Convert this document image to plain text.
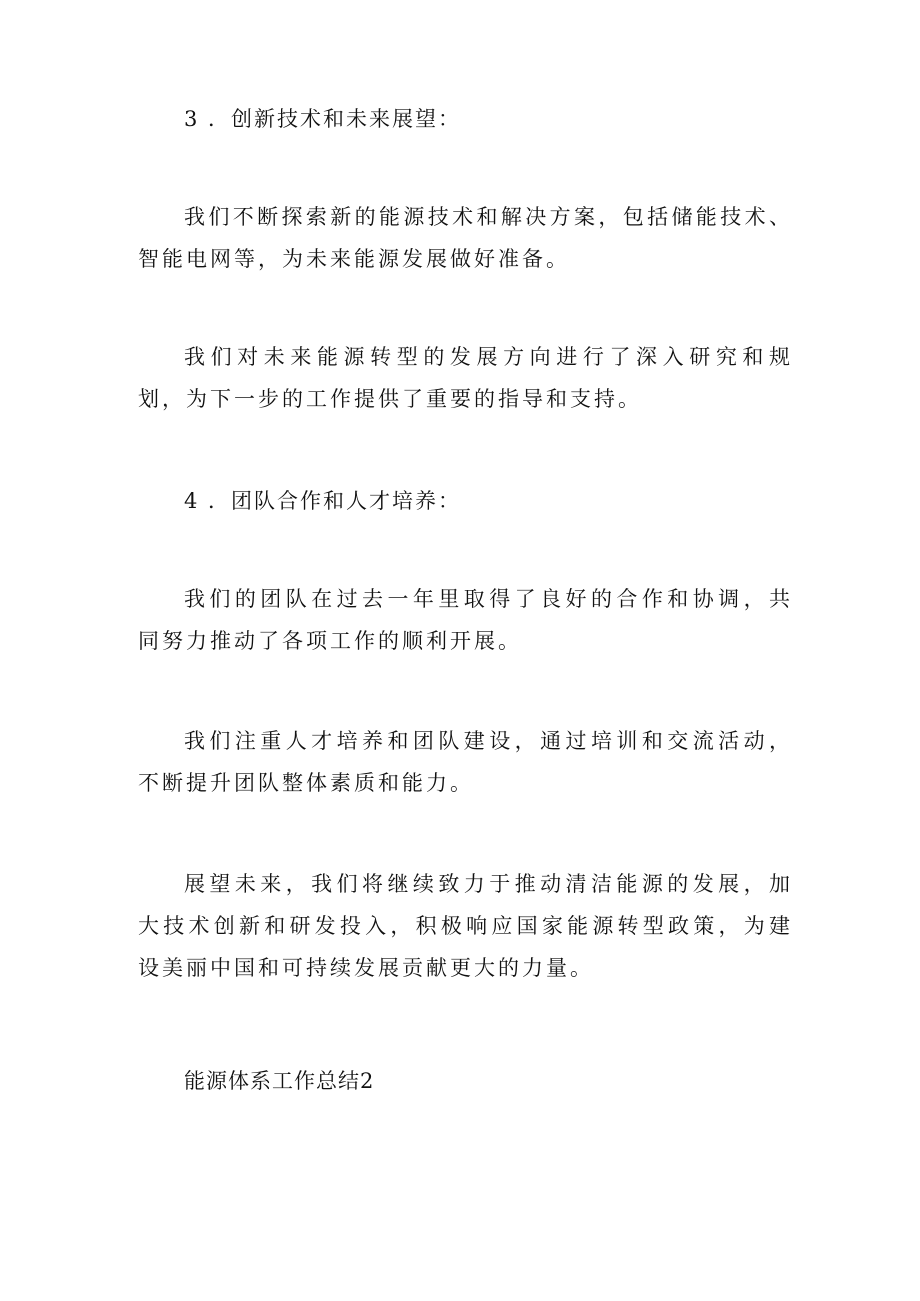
3 ．创新技术和未来展望：
我们不断探索新的能源技术和解决方案，包括储能技术、 智能电网等，为未来能源发展做好准备。
我们对未来能源转型的发展方向进行了深入研究和规 划，为下一步的工作提供了重要的指导和支持。
4 ．团队合作和人才培养：
我们的团队在过去一年里取得了良好的合作和协调，共 同努力推动了各项工作的顺利开展。
我们注重人才培养和团队建设，通过培训和交流活动， 不断提升团队整体素质和能力。
展望未来，我们将继续致力于推动清洁能源的发展，加 大技术创新和研发投入，积极响应国家能源转型政策，为建 设美丽中国和可持续发展贡献更大的力量。
能源体系工作总结2
